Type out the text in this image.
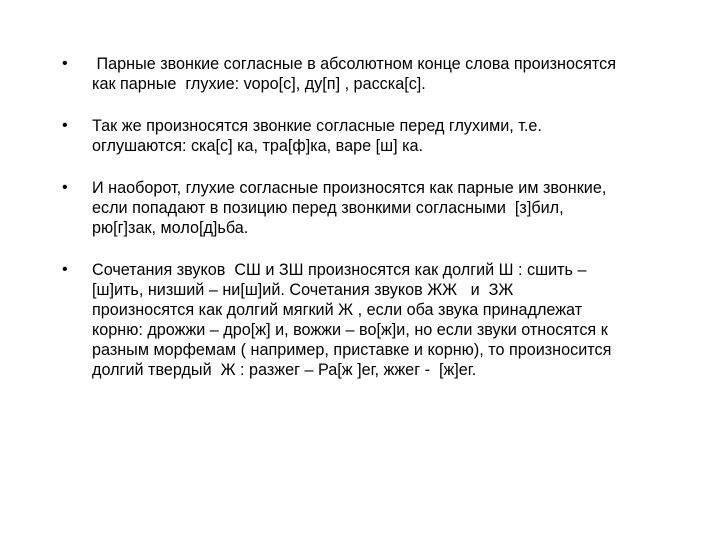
• Парные звонкие согласные в абсолютном конце слова произносятся
как парные  глухие: voрo[с], ду[п] , расска[с].
• Так же произносятся звонкие согласные перед глухими, т.е.
оглушаются: ска[с] ка, тра[ф]ка, варе [ш] ка.
• И наоборот, глухие согласные произносятся как парные им звонкие,
если попадают в позицию перед звонкими согласными  [з]бил,
рю[г]зак, моло[д]ьба.
• Сочетания звуков  СШ и ЗШ произносятся как долгий Ш : сшить –
[ш]ить, низший – ни[ш]ий. Сочетания звуков ЖЖ   и  ЗЖ
произносятся как долгий мягкий Ж , если оба звука принадлежат
корню: дрожжи – дро[ж] и, вожжи – во[ж]и, но если звуки относятся к
разным морфемам ( например, приставке и корню), то произносится
долгий твердый  Ж : разжег – Ра[ж ]ег, жжег -  [ж]ег.
